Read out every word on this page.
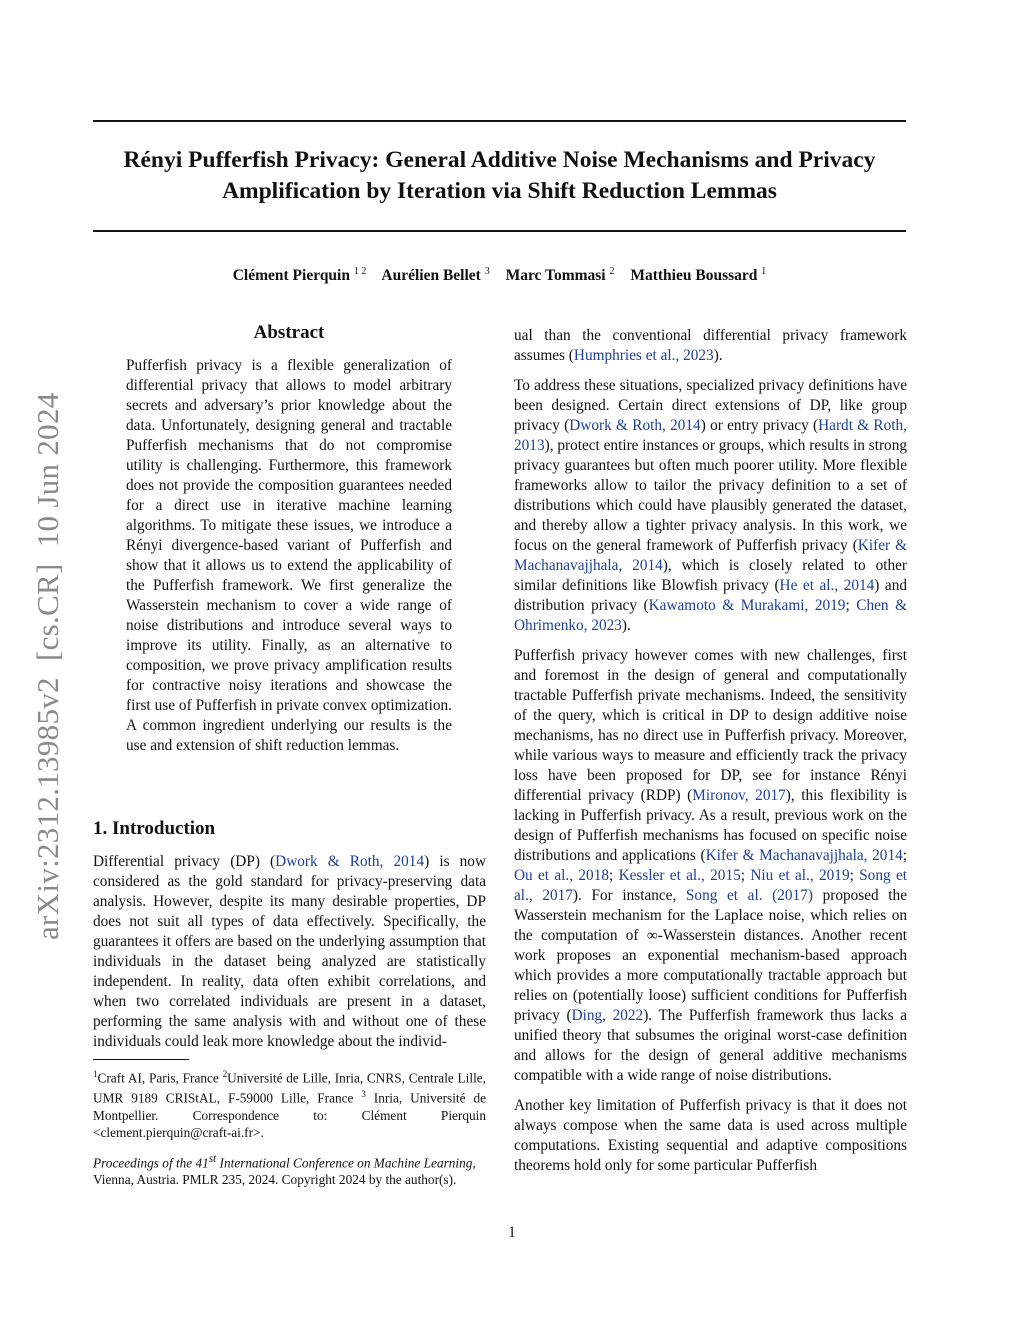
Rényi Pufferfish Privacy: General Additive Noise Mechanisms and Privacy Amplification by Iteration via Shift Reduction Lemmas
Clément Pierquin $^{1 2}$ Aurélien Bellet $^3$ Marc Tommasi $^2$ Matthieu Boussard $^1$
arXiv:2312.13985v2  [cs.CR]  10 Jun 2024
Abstract
Pufferfish privacy is a flexible generalization of differential privacy that allows to model arbitrary secrets and adversary’s prior knowledge about the data. Unfortunately, designing general and tractable Pufferfish mechanisms that do not compromise utility is challenging. Furthermore, this framework does not provide the composition guarantees needed for a direct use in iterative machine learning algorithms. To mitigate these issues, we introduce a Rényi divergence-based variant of Pufferfish and show that it allows us to extend the applicability of the Pufferfish framework. We first generalize the Wasserstein mechanism to cover a wide range of noise distributions and introduce several ways to improve its utility. Finally, as an alternative to composition, we prove privacy amplification results for contractive noisy iterations and showcase the first use of Pufferfish in private convex optimization. A common ingredient underlying our results is the use and extension of shift reduction lemmas.
1. Introduction
Differential privacy (DP) (Dwork & Roth, 2014) is now considered as the gold standard for privacy-preserving data analysis. However, despite its many desirable properties, DP does not suit all types of data effectively. Specifically, the guarantees it offers are based on the underlying assumption that individuals in the dataset being analyzed are statistically independent. In reality, data often exhibit correlations, and when two correlated individuals are present in a dataset, performing the same analysis with and without one of these individuals could leak more knowledge about the individ-
$^1$Craft AI, Paris, France $^2$Université de Lille, Inria, CNRS, Centrale Lille, UMR 9189 CRIStAL, F-59000 Lille, France $^3$ Inria, Université de Montpellier. Correspondence to: Clément Pierquin <clement.pierquin@craft-ai.fr>.
Proceedings of the 41st International Conference on Machine Learning, Vienna, Austria. PMLR 235, 2024. Copyright 2024 by the author(s).

ual than the conventional differential privacy framework assumes (Humphries et al., 2023).

To address these situations, specialized privacy definitions have been designed. Certain direct extensions of DP, like group privacy (Dwork & Roth, 2014) or entry privacy (Hardt & Roth, 2013), protect entire instances or groups, which results in strong privacy guarantees but often much poorer utility. More flexible frameworks allow to tailor the privacy definition to a set of distributions which could have plausibly generated the dataset, and thereby allow a tighter privacy analysis. In this work, we focus on the general framework of Pufferfish privacy (Kifer & Machanavajjhala, 2014), which is closely related to other similar definitions like Blowfish privacy (He et al., 2014) and distribution privacy (Kawamoto & Murakami, 2019; Chen & Ohrimenko, 2023).

Pufferfish privacy however comes with new challenges, first and foremost in the design of general and computationally tractable Pufferfish private mechanisms. Indeed, the sensitivity of the query, which is critical in DP to design additive noise mechanisms, has no direct use in Pufferfish privacy. Moreover, while various ways to measure and efficiently track the privacy loss have been proposed for DP, see for instance Rényi differential privacy (RDP) (Mironov, 2017), this flexibility is lacking in Pufferfish privacy. As a result, previous work on the design of Pufferfish mechanisms has focused on specific noise distributions and applications (Kifer & Machanavajjhala, 2014; Ou et al., 2018; Kessler et al., 2015; Niu et al., 2019; Song et al., 2017). For instance, Song et al. (2017) proposed the Wasserstein mechanism for the Laplace noise, which relies on the computation of ∞-Wasserstein distances. Another recent work proposes an exponential mechanism-based approach which provides a more computationally tractable approach but relies on (potentially loose) sufficient conditions for Pufferfish privacy (Ding, 2022). The Pufferfish framework thus lacks a unified theory that subsumes the original worst-case definition and allows for the design of general additive mechanisms compatible with a wide range of noise distributions.

Another key limitation of Pufferfish privacy is that it does not always compose when the same data is used across multiple computations. Existing sequential and adaptive compositions theorems hold only for some particular Pufferfish

1
